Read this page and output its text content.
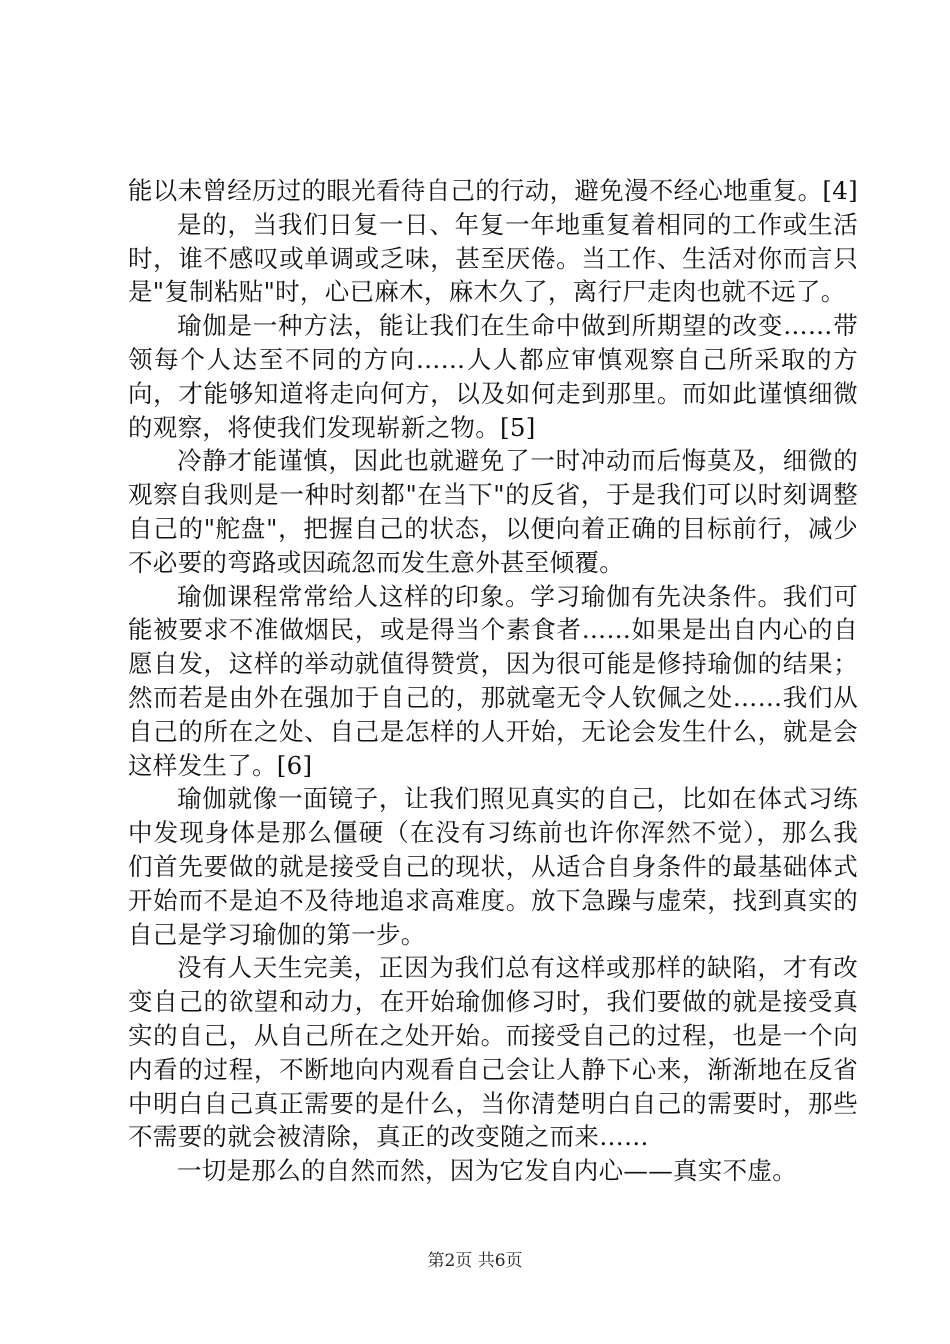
能以未曾经历过的眼光看待自己的行动，避免漫不经心地重复。[4]

是的，当我们日复一日、年复一年地重复着相同的工作或生活时，谁不感叹或单调或乏味，甚至厌倦。当工作、生活对你而言只是"复制粘贴"时，心已麻木，麻木久了，离行尸走肉也就不远了。

瑜伽是一种方法，能让我们在生命中做到所期望的改变……带领每个人达至不同的方向……人人都应审慎观察自己所采取的方向，才能够知道将走向何方，以及如何走到那里。而如此谨慎细微的观察，将使我们发现崭新之物。[5]

冷静才能谨慎，因此也就避免了一时冲动而后悔莫及，细微的观察自我则是一种时刻都"在当下"的反省，于是我们可以时刻调整自己的"舵盘"，把握自己的状态，以便向着正确的目标前行，减少不必要的弯路或因疏忽而发生意外甚至倾覆。

瑜伽课程常常给人这样的印象。学习瑜伽有先决条件。我们可能被要求不准做烟民，或是得当个素食者……如果是出自内心的自愿自发，这样的举动就值得赞赏，因为很可能是修持瑜伽的结果；然而若是由外在强加于自己的，那就毫无令人钦佩之处……我们从自己的所在之处、自己是怎样的人开始，无论会发生什么，就是会这样发生了。[6]

瑜伽就像一面镜子，让我们照见真实的自己，比如在体式习练中发现身体是那么僵硬（在没有习练前也许你浑然不觉），那么我们首先要做的就是接受自己的现状，从适合自身条件的最基础体式开始而不是迫不及待地追求高难度。放下急躁与虚荣，找到真实的自己是学习瑜伽的第一步。

没有人天生完美，正因为我们总有这样或那样的缺陷，才有改变自己的欲望和动力，在开始瑜伽修习时，我们要做的就是接受真实的自己，从自己所在之处开始。而接受自己的过程，也是一个向内看的过程，不断地向内观看自己会让人静下心来，渐渐地在反省中明白自己真正需要的是什么，当你清楚明白自己的需要时，那些不需要的就会被清除，真正的改变随之而来……

一切是那么的自然而然，因为它发自内心——真实不虚。

第2页 共6页
